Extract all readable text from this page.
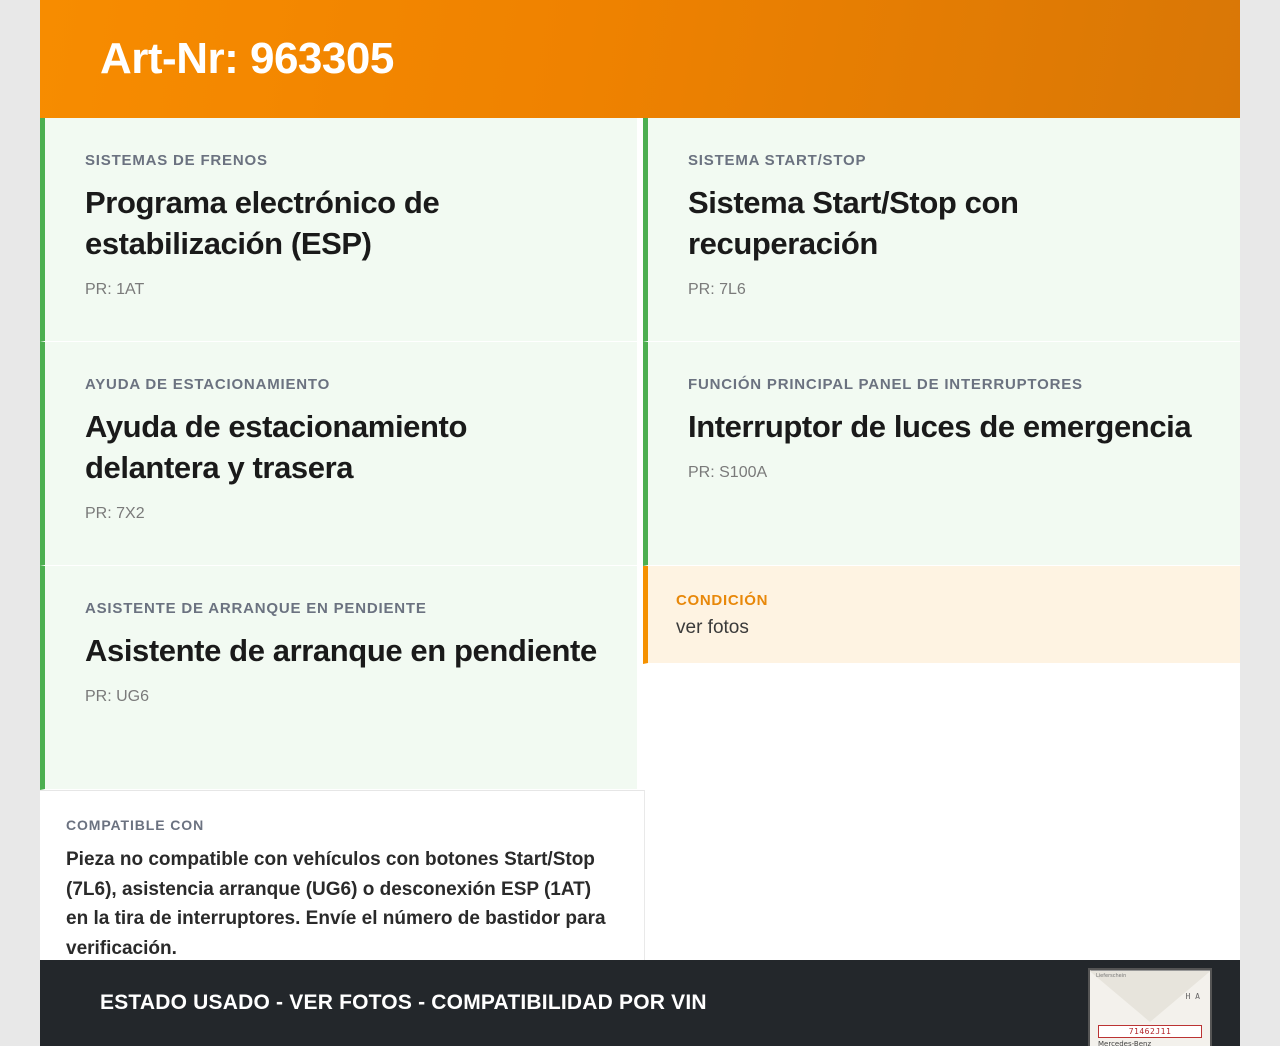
Art-Nr: 963305
SISTEMAS DE FRENOS
Programa electrónico de estabilización (ESP)
PR: 1AT
SISTEMA START/STOP
Sistema Start/Stop con recuperación
PR: 7L6
AYUDA DE ESTACIONAMIENTO
Ayuda de estacionamiento delantera y trasera
PR: 7X2
FUNCIÓN PRINCIPAL PANEL DE INTERRUPTORES
Interruptor de luces de emergencia
PR: S100A
ASISTENTE DE ARRANQUE EN PENDIENTE
Asistente de arranque en pendiente
PR: UG6
CONDICIÓN
ver fotos
COMPATIBLE CON
Pieza no compatible con vehículos con botones Start/Stop (7L6), asistencia arranque (UG6) o desconexión ESP (1AT) en la tira de interruptores. Envíe el número de bastidor para verificación.
ESTADO USADO - VER FOTOS - COMPATIBILIDAD POR VIN
Lieferschein
H A
71462J11
Mercedes-Benz
